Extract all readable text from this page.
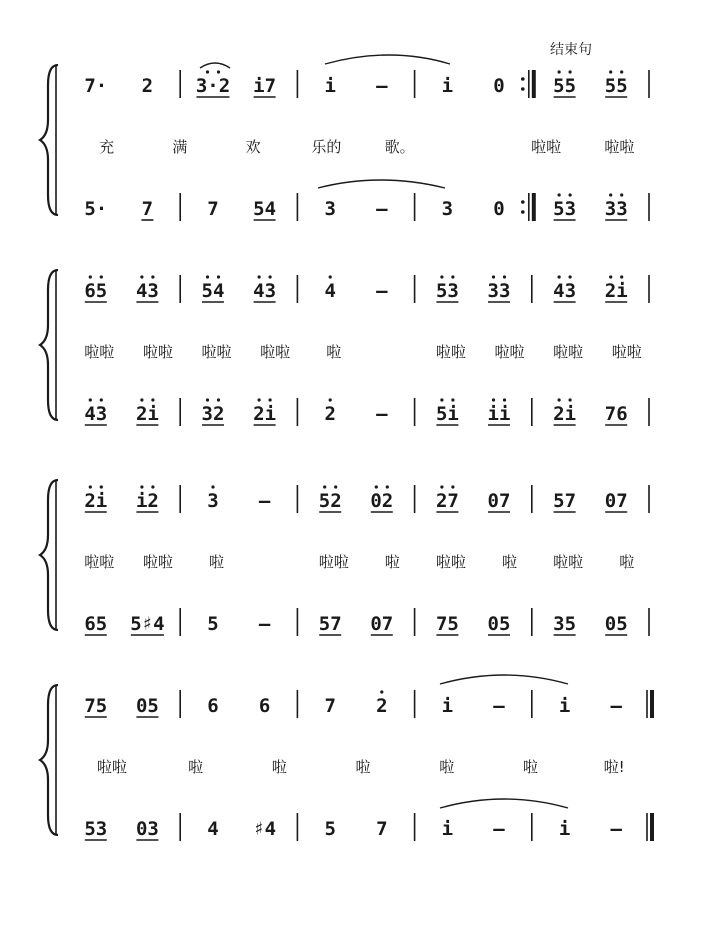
结束句
7· 2 3·2 i7	i —	i 0	55 55
5· 7	7 54	3 —	3 0	53 33
充	满	欢	乐的	歌。	啦啦	啦啦
65 43 54 43	4 —	53 33 43 2i
43 2i 32 2i	2 —	5i ii 2i 76
啦啦 啦啦 啦啦 啦啦 啦	啦啦 啦啦 啦啦 啦啦
2i i2	3 —	52 02 27 07 57 07
65 5♯4 5 —	57 07 75 05 35 05
啦啦 啦啦 啦	啦啦 啦 啦啦 啦 啦啦 啦
75 05	6 6	7 2	i —	i —
53 03	4 ♯4	5 7	i —	i —
啦啦	啦	啦	啦	啦	啦	啦!
